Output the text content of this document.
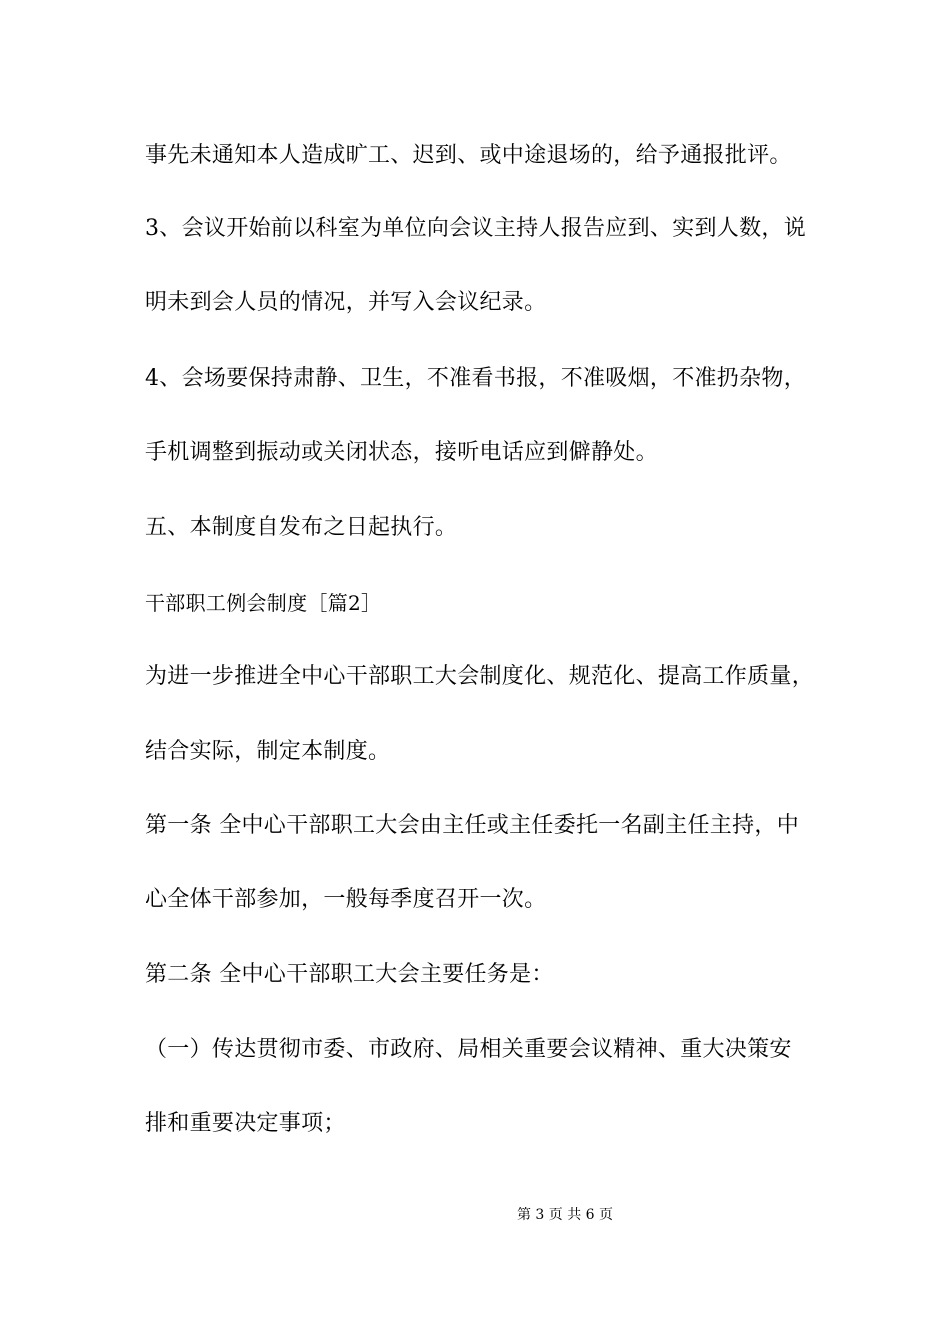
事先未通知本人造成旷工、迟到、或中途退场的，给予通报批评。
3、会议开始前以科室为单位向会议主持人报告应到、实到人数，说
明未到会人员的情况，并写入会议纪录。
4、会场要保持肃静、卫生，不准看书报，不准吸烟，不准扔杂物，
手机调整到振动或关闭状态，接听电话应到僻静处。
五、本制度自发布之日起执行。
干部职工例会制度［篇2］
为进一步推进全中心干部职工大会制度化、规范化、提高工作质量，
结合实际，制定本制度。
第一条 全中心干部职工大会由主任或主任委托一名副主任主持，中
心全体干部参加，一般每季度召开一次。
第二条 全中心干部职工大会主要任务是：
（一）传达贯彻市委、市政府、局相关重要会议精神、重大决策安
排和重要决定事项；
第 3 页 共 6 页
